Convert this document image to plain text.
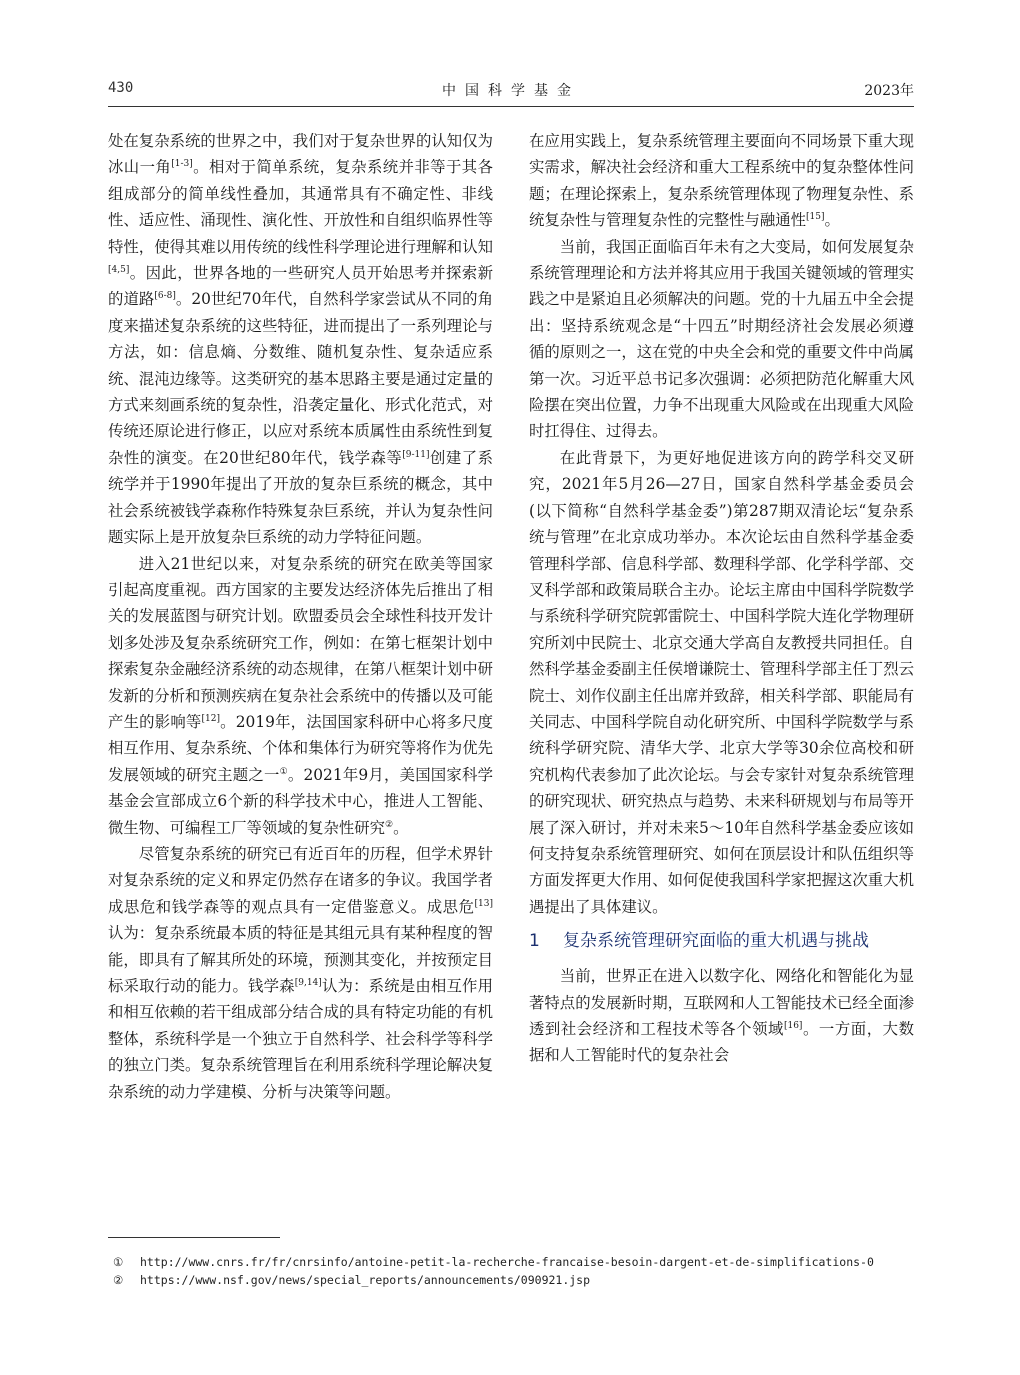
430	中国科学基金	2023年

处在复杂系统的世界之中，我们对于复杂世界的认知仅为冰山一角[1-3]。相对于简单系统，复杂系统并非等于其各组成部分的简单线性叠加，其通常具有不确定性、非线性、适应性、涌现性、演化性、开放性和自组织临界性等特性，使得其难以用传统的线性科学理论进行理解和认知[4,5]。因此，世界各地的一些研究人员开始思考并探索新的道路[6-8]。20世纪70年代，自然科学家尝试从不同的角度来描述复杂系统的这些特征，进而提出了一系列理论与方法，如：信息熵、分数维、随机复杂性、复杂适应系统、混沌边缘等。这类研究的基本思路主要是通过定量的方式来刻画系统的复杂性，沿袭定量化、形式化范式，对传统还原论进行修正，以应对系统本质属性由系统性到复杂性的演变。在20世纪80年代，钱学森等[9-11]创建了系统学并于1990年提出了开放的复杂巨系统的概念，其中社会系统被钱学森称作特殊复杂巨系统，并认为复杂性问题实际上是开放复杂巨系统的动力学特征问题。

进入21世纪以来，对复杂系统的研究在欧美等国家引起高度重视。西方国家的主要发达经济体先后推出了相关的发展蓝图与研究计划。欧盟委员会全球性科技开发计划多处涉及复杂系统研究工作，例如：在第七框架计划中探索复杂金融经济系统的动态规律，在第八框架计划中研发新的分析和预测疾病在复杂社会系统中的传播以及可能产生的影响等[12]。2019年，法国国家科研中心将多尺度相互作用、复杂系统、个体和集体行为研究等将作为优先发展领域的研究主题之一①。2021年9月，美国国家科学基金会宣部成立6个新的科学技术中心，推进人工智能、微生物、可编程工厂等领域的复杂性研究②。

尽管复杂系统的研究已有近百年的历程，但学术界针对复杂系统的定义和界定仍然存在诸多的争议。我国学者成思危和钱学森等的观点具有一定借鉴意义。成思危[13]认为：复杂系统最本质的特征是其组元具有某种程度的智能，即具有了解其所处的环境，预测其变化，并按预定目标采取行动的能力。钱学森[9,14]认为：系统是由相互作用和相互依赖的若干组成部分结合成的具有特定功能的有机整体，系统科学是一个独立于自然科学、社会科学等科学的独立门类。复杂系统管理旨在利用系统科学理论解决复杂系统的动力学建模、分析与决策等问题。

在应用实践上，复杂系统管理主要面向不同场景下重大现实需求，解决社会经济和重大工程系统中的复杂整体性问题；在理论探索上，复杂系统管理体现了物理复杂性、系统复杂性与管理复杂性的完整性与融通性[15]。

当前，我国正面临百年未有之大变局，如何发展复杂系统管理理论和方法并将其应用于我国关键领域的管理实践之中是紧迫且必须解决的问题。党的十九届五中全会提出：坚持系统观念是“十四五”时期经济社会发展必须遵循的原则之一，这在党的中央全会和党的重要文件中尚属第一次。习近平总书记多次强调：必须把防范化解重大风险摆在突出位置，力争不出现重大风险或在出现重大风险时扛得住、过得去。

在此背景下，为更好地促进该方向的跨学科交叉研究，2021年5月26—27日，国家自然科学基金委员会(以下简称“自然科学基金委”)第287期双清论坛“复杂系统与管理”在北京成功举办。本次论坛由自然科学基金委管理科学部、信息科学部、数理科学部、化学科学部、交叉科学部和政策局联合主办。论坛主席由中国科学院数学与系统科学研究院郭雷院士、中国科学院大连化学物理研究所刘中民院士、北京交通大学高自友教授共同担任。自然科学基金委副主任侯增谦院士、管理科学部主任丁烈云院士、刘作仪副主任出席并致辞，相关科学部、职能局有关同志、中国科学院自动化研究所、中国科学院数学与系统科学研究院、清华大学、北京大学等30余位高校和研究机构代表参加了此次论坛。与会专家针对复杂系统管理的研究现状、研究热点与趋势、未来科研规划与布局等开展了深入研讨，并对未来5～10年自然科学基金委应该如何支持复杂系统管理研究、如何在顶层设计和队伍组织等方面发挥更大作用、如何促使我国科学家把握这次重大机遇提出了具体建议。

1	复杂系统管理研究面临的重大机遇与挑战

当前，世界正在进入以数字化、网络化和智能化为显著特点的发展新时期，互联网和人工智能技术已经全面渗透到社会经济和工程技术等各个领域[16]。一方面，大数据和人工智能时代的复杂社会

① http://www.cnrs.fr/fr/cnrsinfo/antoine-petit-la-recherche-francaise-besoin-dargent-et-de-simplifications-0
② https://www.nsf.gov/news/special_reports/announcements/090921.jsp
